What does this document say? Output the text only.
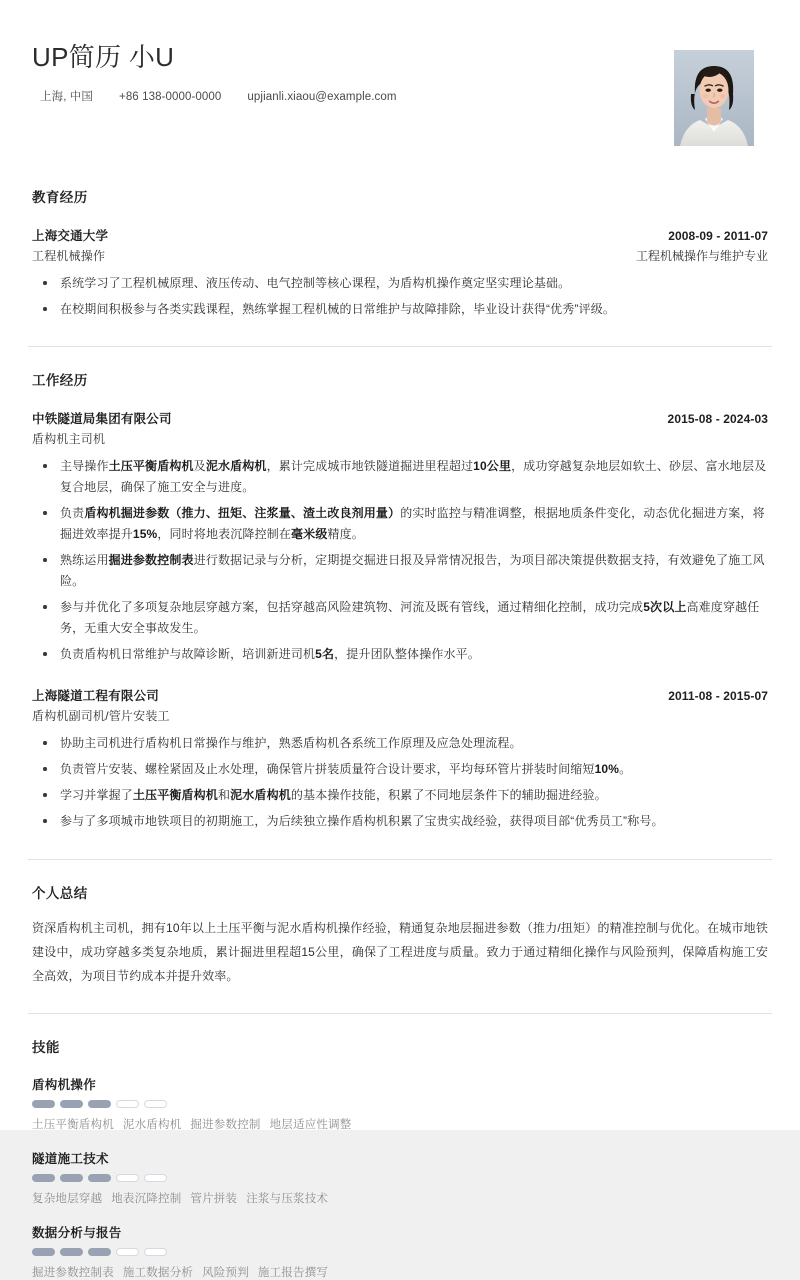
UP简历 小U
上海, 中国 +86 138-0000-0000 upjianli.xiaou@example.com
教育经历
上海交通大学	2008-09 - 2011-07
工程机械操作	工程机械操作与维护专业
系统学习了工程机械原理、液压传动、电气控制等核心课程，为盾构机操作奠定坚实理论基础。
在校期间积极参与各类实践课程，熟练掌握工程机械的日常维护与故障排除，毕业设计获得“优秀”评级。
工作经历
中铁隧道局集团有限公司	2015-08 - 2024-03
盾构机主司机
主导操作土压平衡盾构机及泥水盾构机，累计完成城市地铁隧道掘进里程超过10公里，成功穿越复杂地层如软土、砂层、富水地层及复合地层，确保了施工安全与进度。
负责盾构机掘进参数（推力、扭矩、注浆量、渣土改良剂用量）的实时监控与精准调整，根据地质条件变化，动态优化掘进方案，将掘进效率提升15%，同时将地表沉降控制在毫米级精度。
熟练运用掘进参数控制表进行数据记录与分析，定期提交掘进日报及异常情况报告，为项目部决策提供数据支持，有效避免了施工风险。
参与并优化了多项复杂地层穿越方案，包括穿越高风险建筑物、河流及既有管线，通过精细化控制，成功完成5次以上高难度穿越任务，无重大安全事故发生。
负责盾构机日常维护与故障诊断，培训新进司机5名，提升团队整体操作水平。
上海隧道工程有限公司	2011-08 - 2015-07
盾构机副司机/管片安装工
协助主司机进行盾构机日常操作与维护，熟悉盾构机各系统工作原理及应急处理流程。
负责管片安装、螺栓紧固及止水处理，确保管片拼装质量符合设计要求，平均每环管片拼装时间缩短10%。
学习并掌握了土压平衡盾构机和泥水盾构机的基本操作技能，积累了不同地层条件下的辅助掘进经验。
参与了多项城市地铁项目的初期施工，为后续独立操作盾构机积累了宝贵实战经验，获得项目部“优秀员工”称号。
个人总结
资深盾构机主司机，拥有10年以上土压平衡与泥水盾构机操作经验，精通复杂地层掘进参数（推力/扭矩）的精准控制与优化。在城市地铁建设中，成功穿越多类复杂地质，累计掘进里程超15公里，确保了工程进度与质量。致力于通过精细化操作与风险预判，保障盾构施工安全高效，为项目节约成本并提升效率。
技能
盾构机操作
土压平衡盾构机 泥水盾构机 掘进参数控制 地层适应性调整
隧道施工技术
复杂地层穿越 地表沉降控制 管片拼装 注浆与压浆技术
数据分析与报告
掘进参数控制表 施工数据分析 风险预判 施工报告撰写
